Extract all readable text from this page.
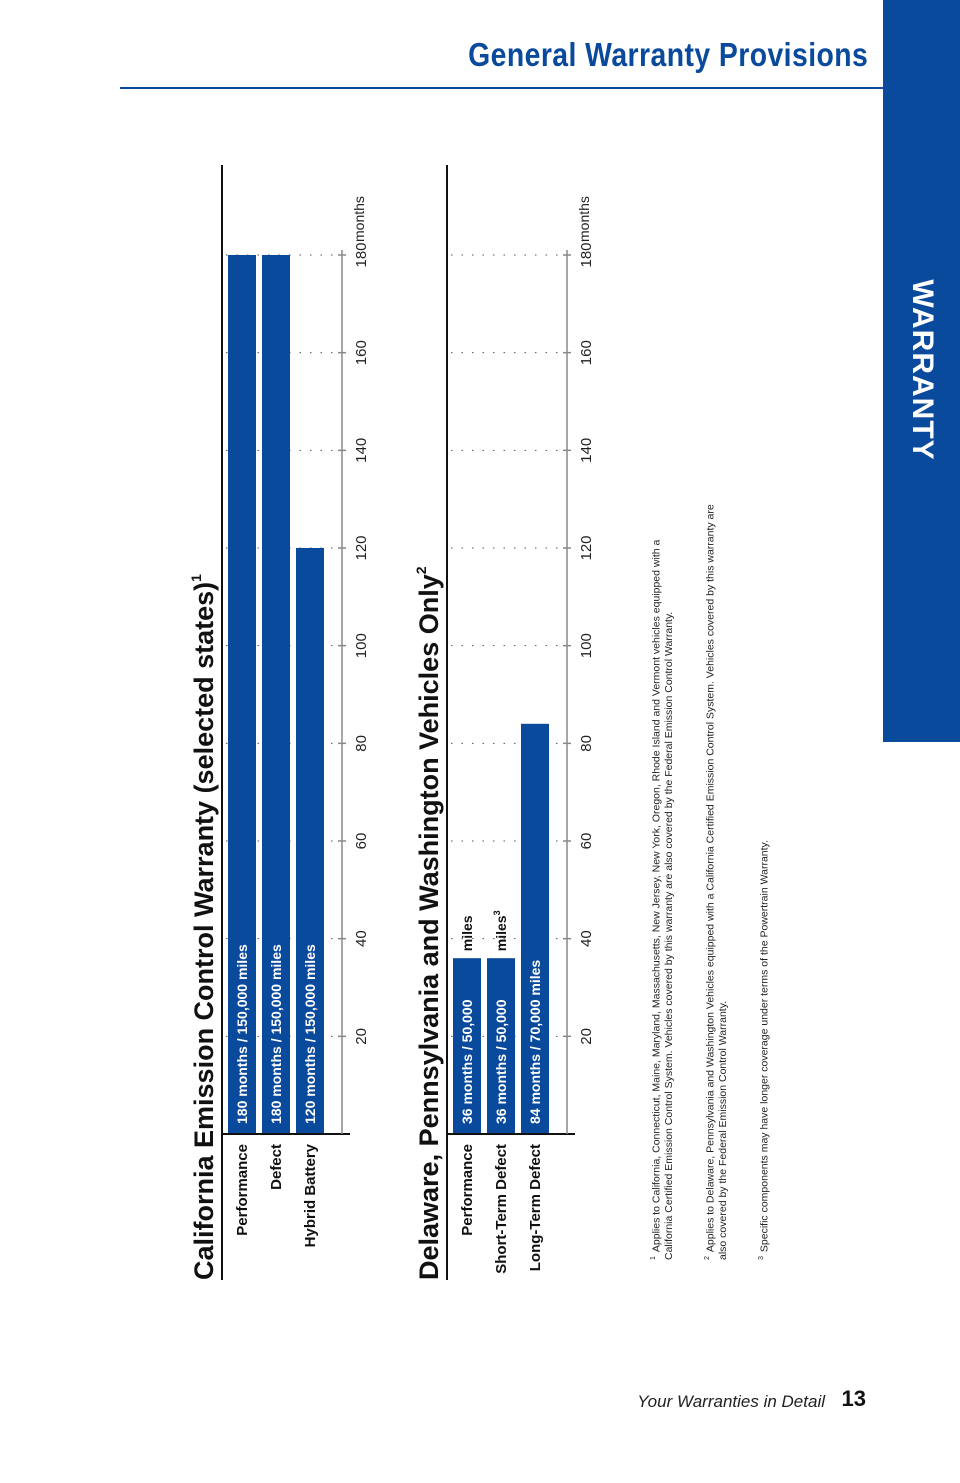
General Warranty Provisions
WARRANTY
California Emission Control Warranty (selected states)$^1$
Performance
180 months / 150,000 miles
Defect
180 months / 150,000 miles
Hybrid Battery
120 months / 150,000 miles 20
40
60
80
100
120
140
160
180
months
Delaware, Pennsylvania and Washington Vehicles Only$^2$
Performance
36 months / 50,000
miles
Short-Term Defect
36 months / 50,000
miles$^3$
Long-Term Defect
84 months / 70,000 miles 20
40
60
80
100
120
140
160
180
months
$^1$Applies to California, Connecticut, Maine, Maryland, Massachusetts, New Jersey, New York, Oregon, Rhode Island and Vermont vehicles equipped with a California Certified Emission Control System. Vehicles covered by this warranty are also covered by the Federal Emission Control Warranty.	$^2$Applies to Delaware, Pennsylvania and Washington Vehicles equipped with a California Certified Emission Control System. Vehicles covered by this warranty are also covered by the Federal Emission Control Warranty.	$^3$Specific components may have longer coverage under terms of the Powertrain Warranty.
Your Warranties in Detail 13
